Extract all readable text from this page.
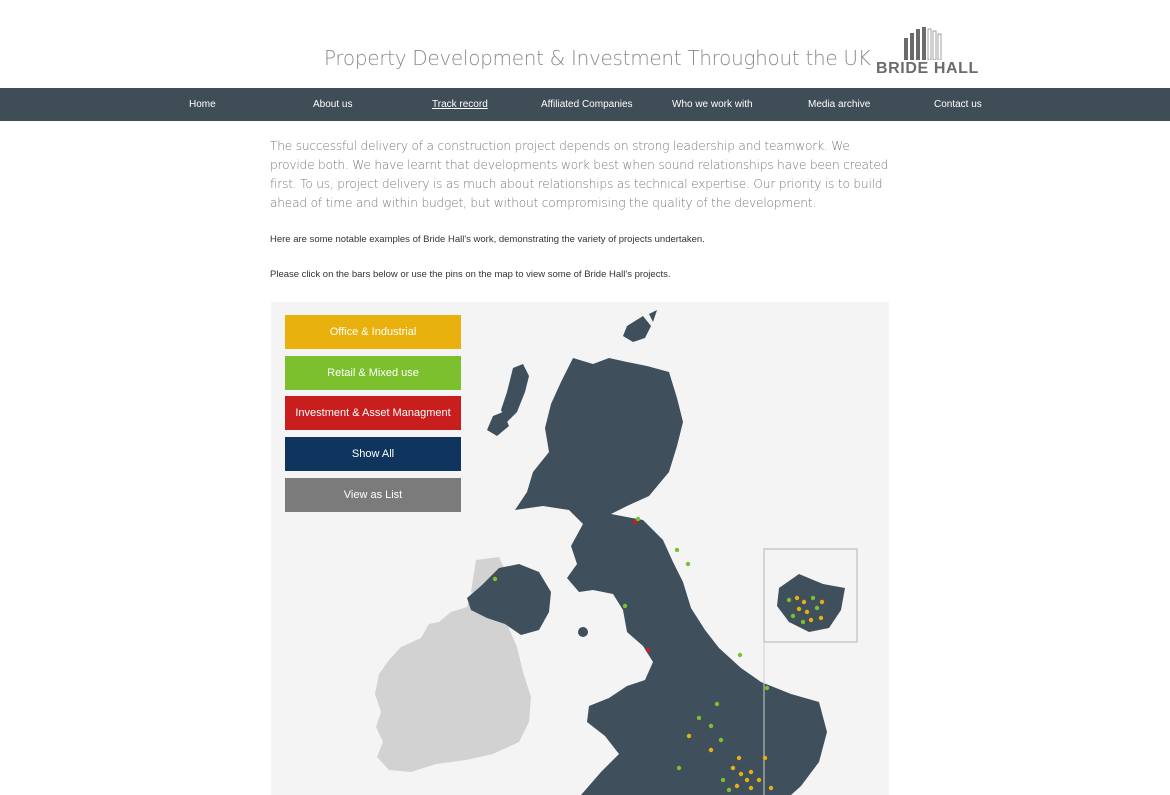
Property Development & Investment Throughout the UK BRIDE HALL
Home	About us	Track record	Affiliated Companies	Who we work with	Media archive	Contact us

The successful delivery of a construction project depends on strong leadership and teamwork. We provide both. We have learnt that developments work best when sound relationships have been created first. To us, project delivery is as much about relationships as technical expertise. Our priority is to build ahead of time and within budget, but without compromising the quality of the development.

Here are some notable examples of Bride Hall's work, demonstrating the variety of projects undertaken.

Please click on the bars below or use the pins on the map to view some of Bride Hall's projects.

Office & Industrial
Retail & Mixed use
Investment & Asset Managment
Show All
View as List
